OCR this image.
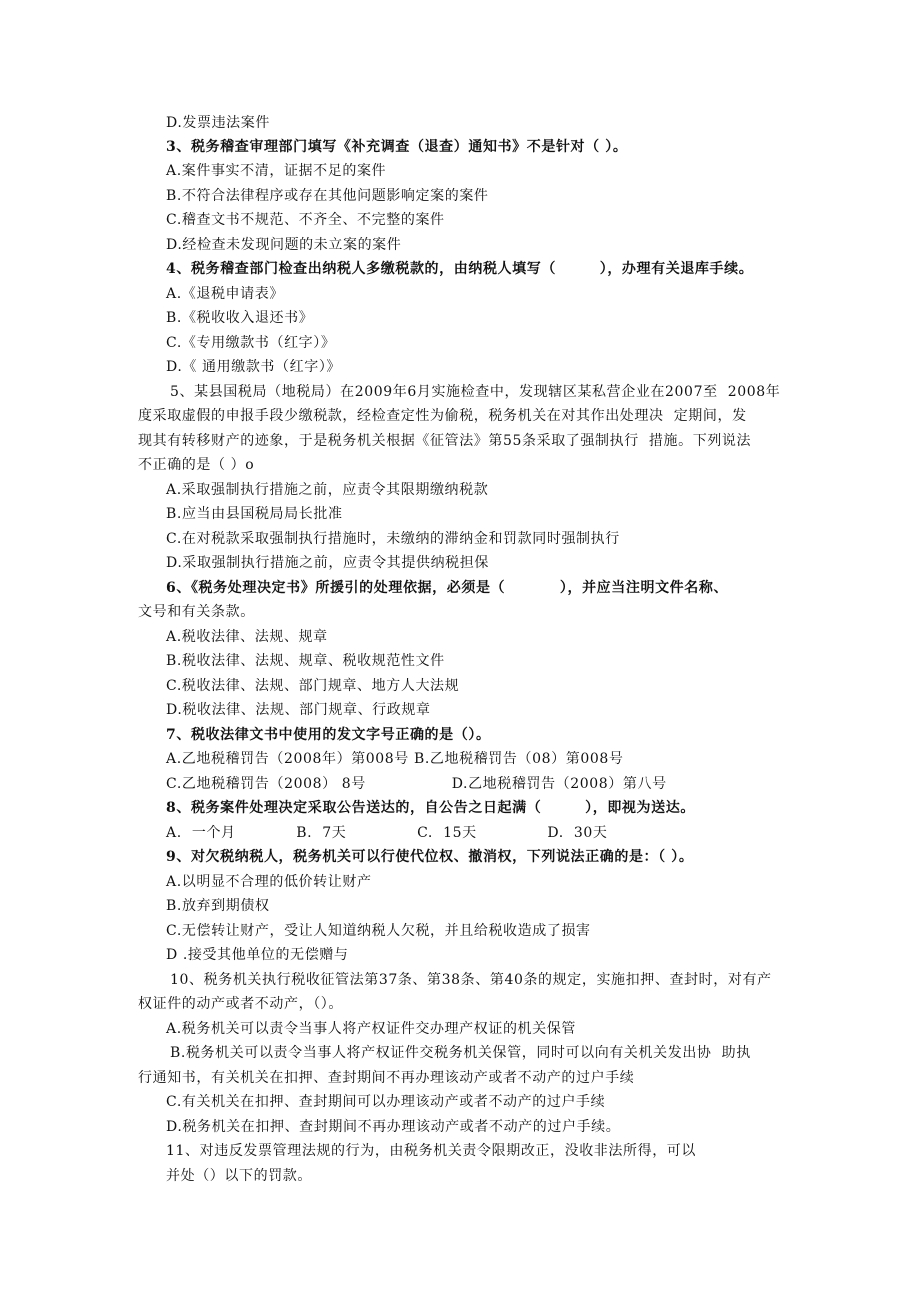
D.发票违法案件
3、税务稽查审理部门填写《补充调查（退查）通知书》不是针对（ ）。
A.案件事实不清，证据不足的案件
B.不符合法律程序或存在其他问题影响定案的案件
C.稽查文书不规范、不齐全、不完整的案件
D.经检查未发现问题的未立案的案件
4、税务稽查部门检查出纳税人多缴税款的，由纳税人填写（        ），办理有关退库手续。
A.《退税申请表》
B.《税收收入退还书》
C.《专用缴款书（红字）》
D.《 通用缴款书（红字）》
5、某县国税局（地税局）在2009年6月实施检查中，发现辖区某私营企业在2007至  2008年
度采取虚假的申报手段少缴税款，经检查定性为偷税，税务机关在对其作出处理决  定期间，发
现其有转移财产的迹象，于是税务机关根据《征管法》第55条采取了强制执行  措施。下列说法
不正确的是（ ）o
A.采取强制执行措施之前，应责令其限期缴纳税款
B.应当由县国税局局长批准
C.在对税款采取强制执行措施时，未缴纳的滞纳金和罚款同时强制执行
D.采取强制执行措施之前，应责令其提供纳税担保
6、《税务处理决定书》所援引的处理依据，必须是（          ），并应当注明文件名称、
文号和有关条款。
A.税收法律、法规、规章
B.税收法律、法规、规章、税收规范性文件
C.税收法律、法规、部门规章、地方人大法规
D.税收法律、法规、部门规章、行政规章
7、税收法律文书中使用的发文字号正确的是（）。
A.乙地税稽罚告（2008年）第008号 B.乙地税稽罚告（08）第008号
C.乙地税稽罚告（2008） 8号                 D.乙地税稽罚告（2008）第八号
8、税务案件处理决定采取公告送达的，自公告之日起满（        ），即视为送达。
A.  一个月            B.  7天              C.  15天              D.  30天
9、对欠税纳税人，税务机关可以行使代位权、撤消权，下列说法正确的是：（ ）。
A.以明显不合理的低价转让财产
B.放弃到期债权
C.无偿转让财产，受让人知道纳税人欠税，并且给税收造成了损害
D .接受其他单位的无偿赠与
10、税务机关执行税收征管法第37条、第38条、第40条的规定，实施扣押、查封时，对有产
权证件的动产或者不动产，（）。
A.税务机关可以责令当事人将产权证件交办理产权证的机关保管
B.税务机关可以责令当事人将产权证件交税务机关保管，同时可以向有关机关发出协  助执
行通知书，有关机关在扣押、查封期间不再办理该动产或者不动产的过户手续
C.有关机关在扣押、查封期间可以办理该动产或者不动产的过户手续
D.税务机关在扣押、查封期间不再办理该动产或者不动产的过户手续。
11、对违反发票管理法规的行为，由税务机关责令限期改正，没收非法所得，可以
并处（）以下的罚款。
